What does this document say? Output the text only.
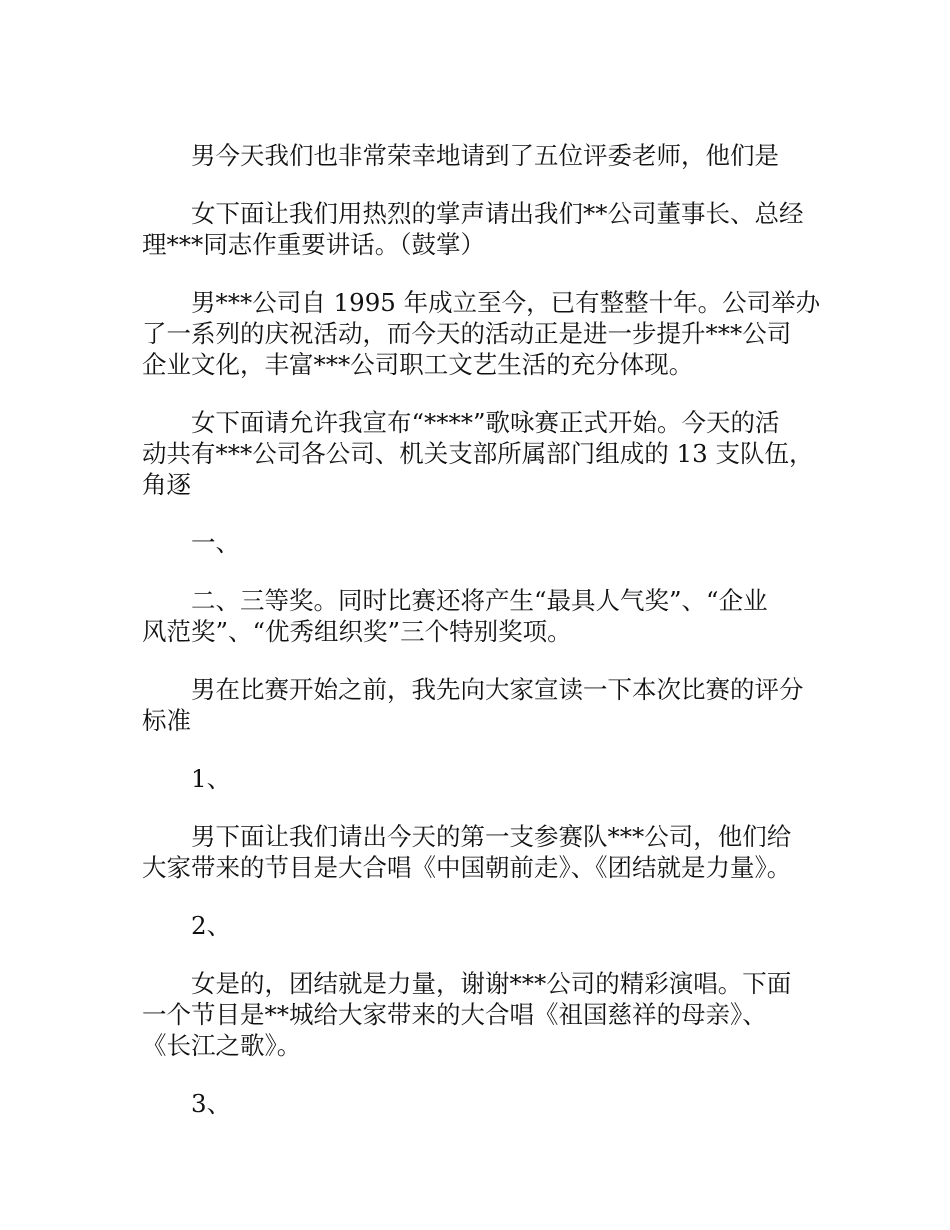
男今天我们也非常荣幸地请到了五位评委老师，他们是

女下面让我们用热烈的掌声请出我们**公司董事长、总经
理***同志作重要讲话。（鼓掌）

男***公司自 1995 年成立至今，已有整整十年。公司举办
了一系列的庆祝活动，而今天的活动正是进一步提升***公司
企业文化，丰富***公司职工文艺生活的充分体现。

女下面请允许我宣布“****”歌咏赛正式开始。今天的活
动共有***公司各公司、机关支部所属部门组成的 13 支队伍，
角逐

一、

二、三等奖。同时比赛还将产生“最具人气奖”、“企业
风范奖”、“优秀组织奖”三个特别奖项。

男在比赛开始之前，我先向大家宣读一下本次比赛的评分
标准

1、

男下面让我们请出今天的第一支参赛队***公司，他们给
大家带来的节目是大合唱《中国朝前走》、《团结就是力量》。

2、

女是的，团结就是力量，谢谢***公司的精彩演唱。下面
一个节目是**城给大家带来的大合唱《祖国慈祥的母亲》、
《长江之歌》。

3、
